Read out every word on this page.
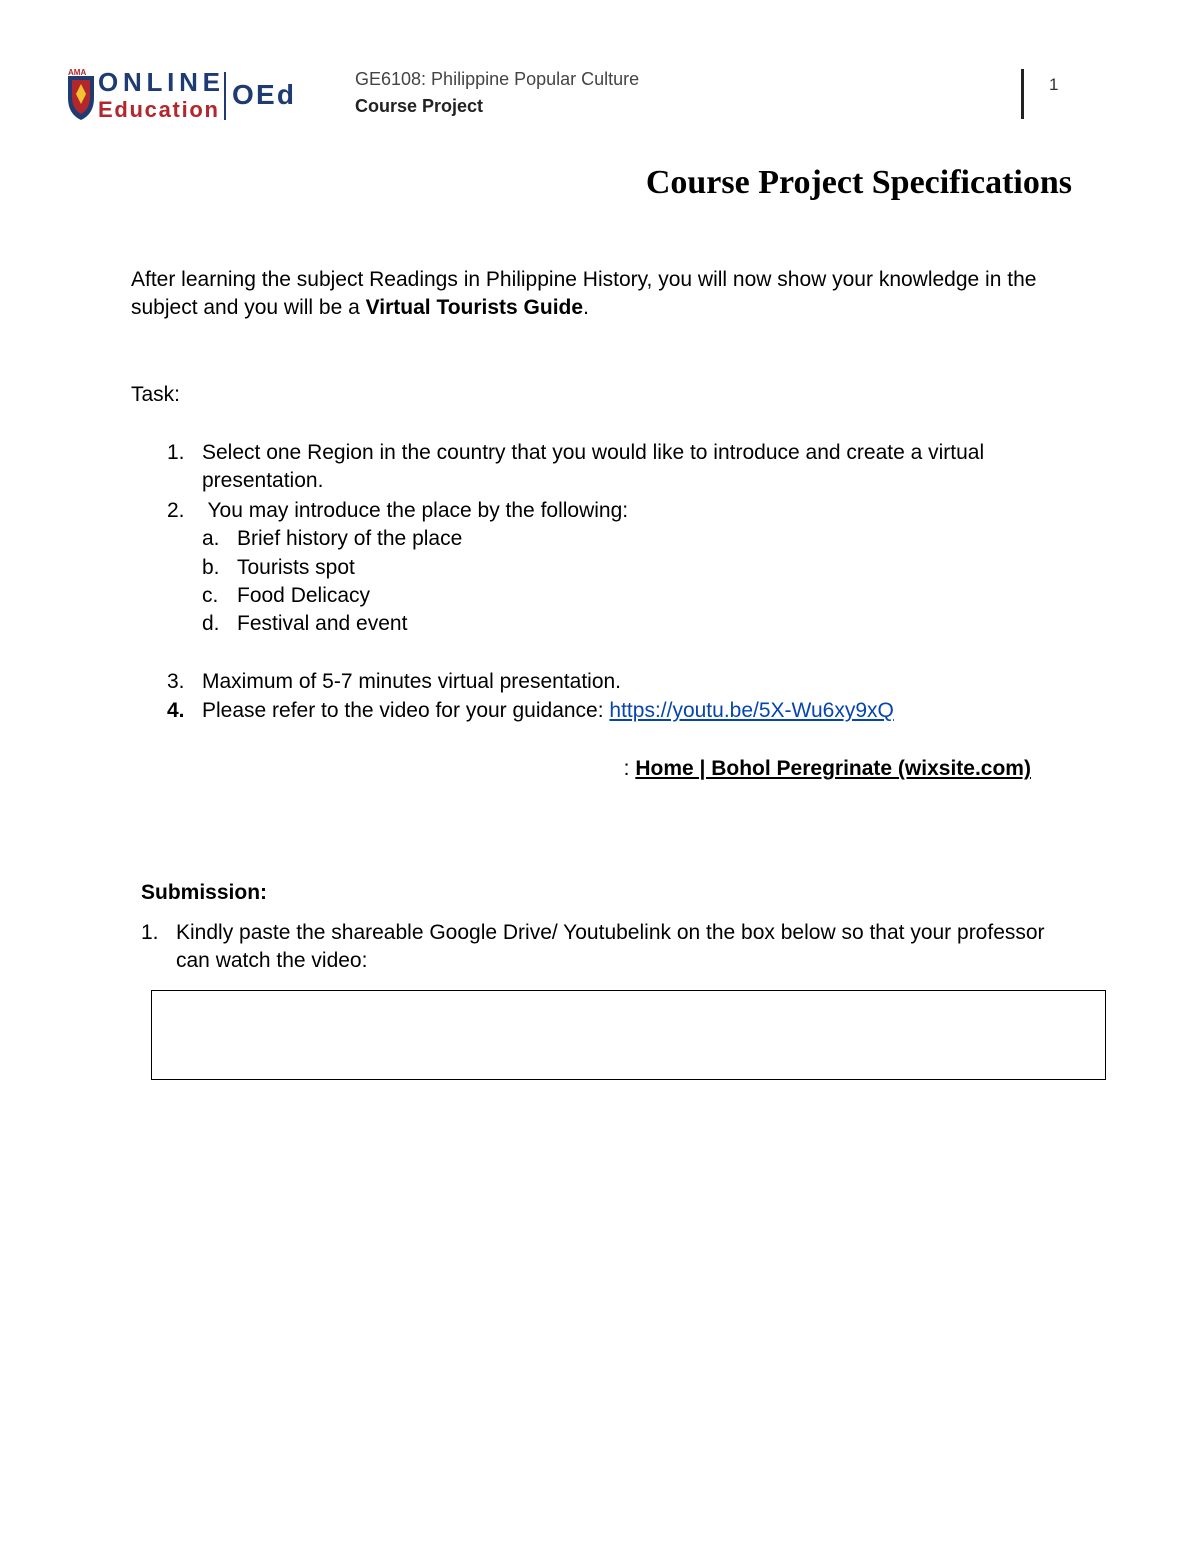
AMA ONLINE
Education OEd	GE6108: Philippine Popular Culture
Course Project
1
Course Project Specifications
After learning the subject Readings in Philippine History, you will now show your knowledge in the subject and you will be a Virtual Tourists Guide.
Task:
1. Select one Region in the country that you would like to introduce and create a virtual
presentation.
2. You may introduce the place by the following:
a. Brief history of the place
b. Tourists spot
c. Food Delicacy
d. Festival and event
3. Maximum of 5-7 minutes virtual presentation.
4. Please refer to the video for your guidance: https://youtu.be/5X-Wu6xy9xQ

: Home | Bohol Peregrinate (wixsite.com)

Submission:
1. Kindly paste the shareable Google Drive/ Youtubelink on the box below so that your professor
can watch the video:
